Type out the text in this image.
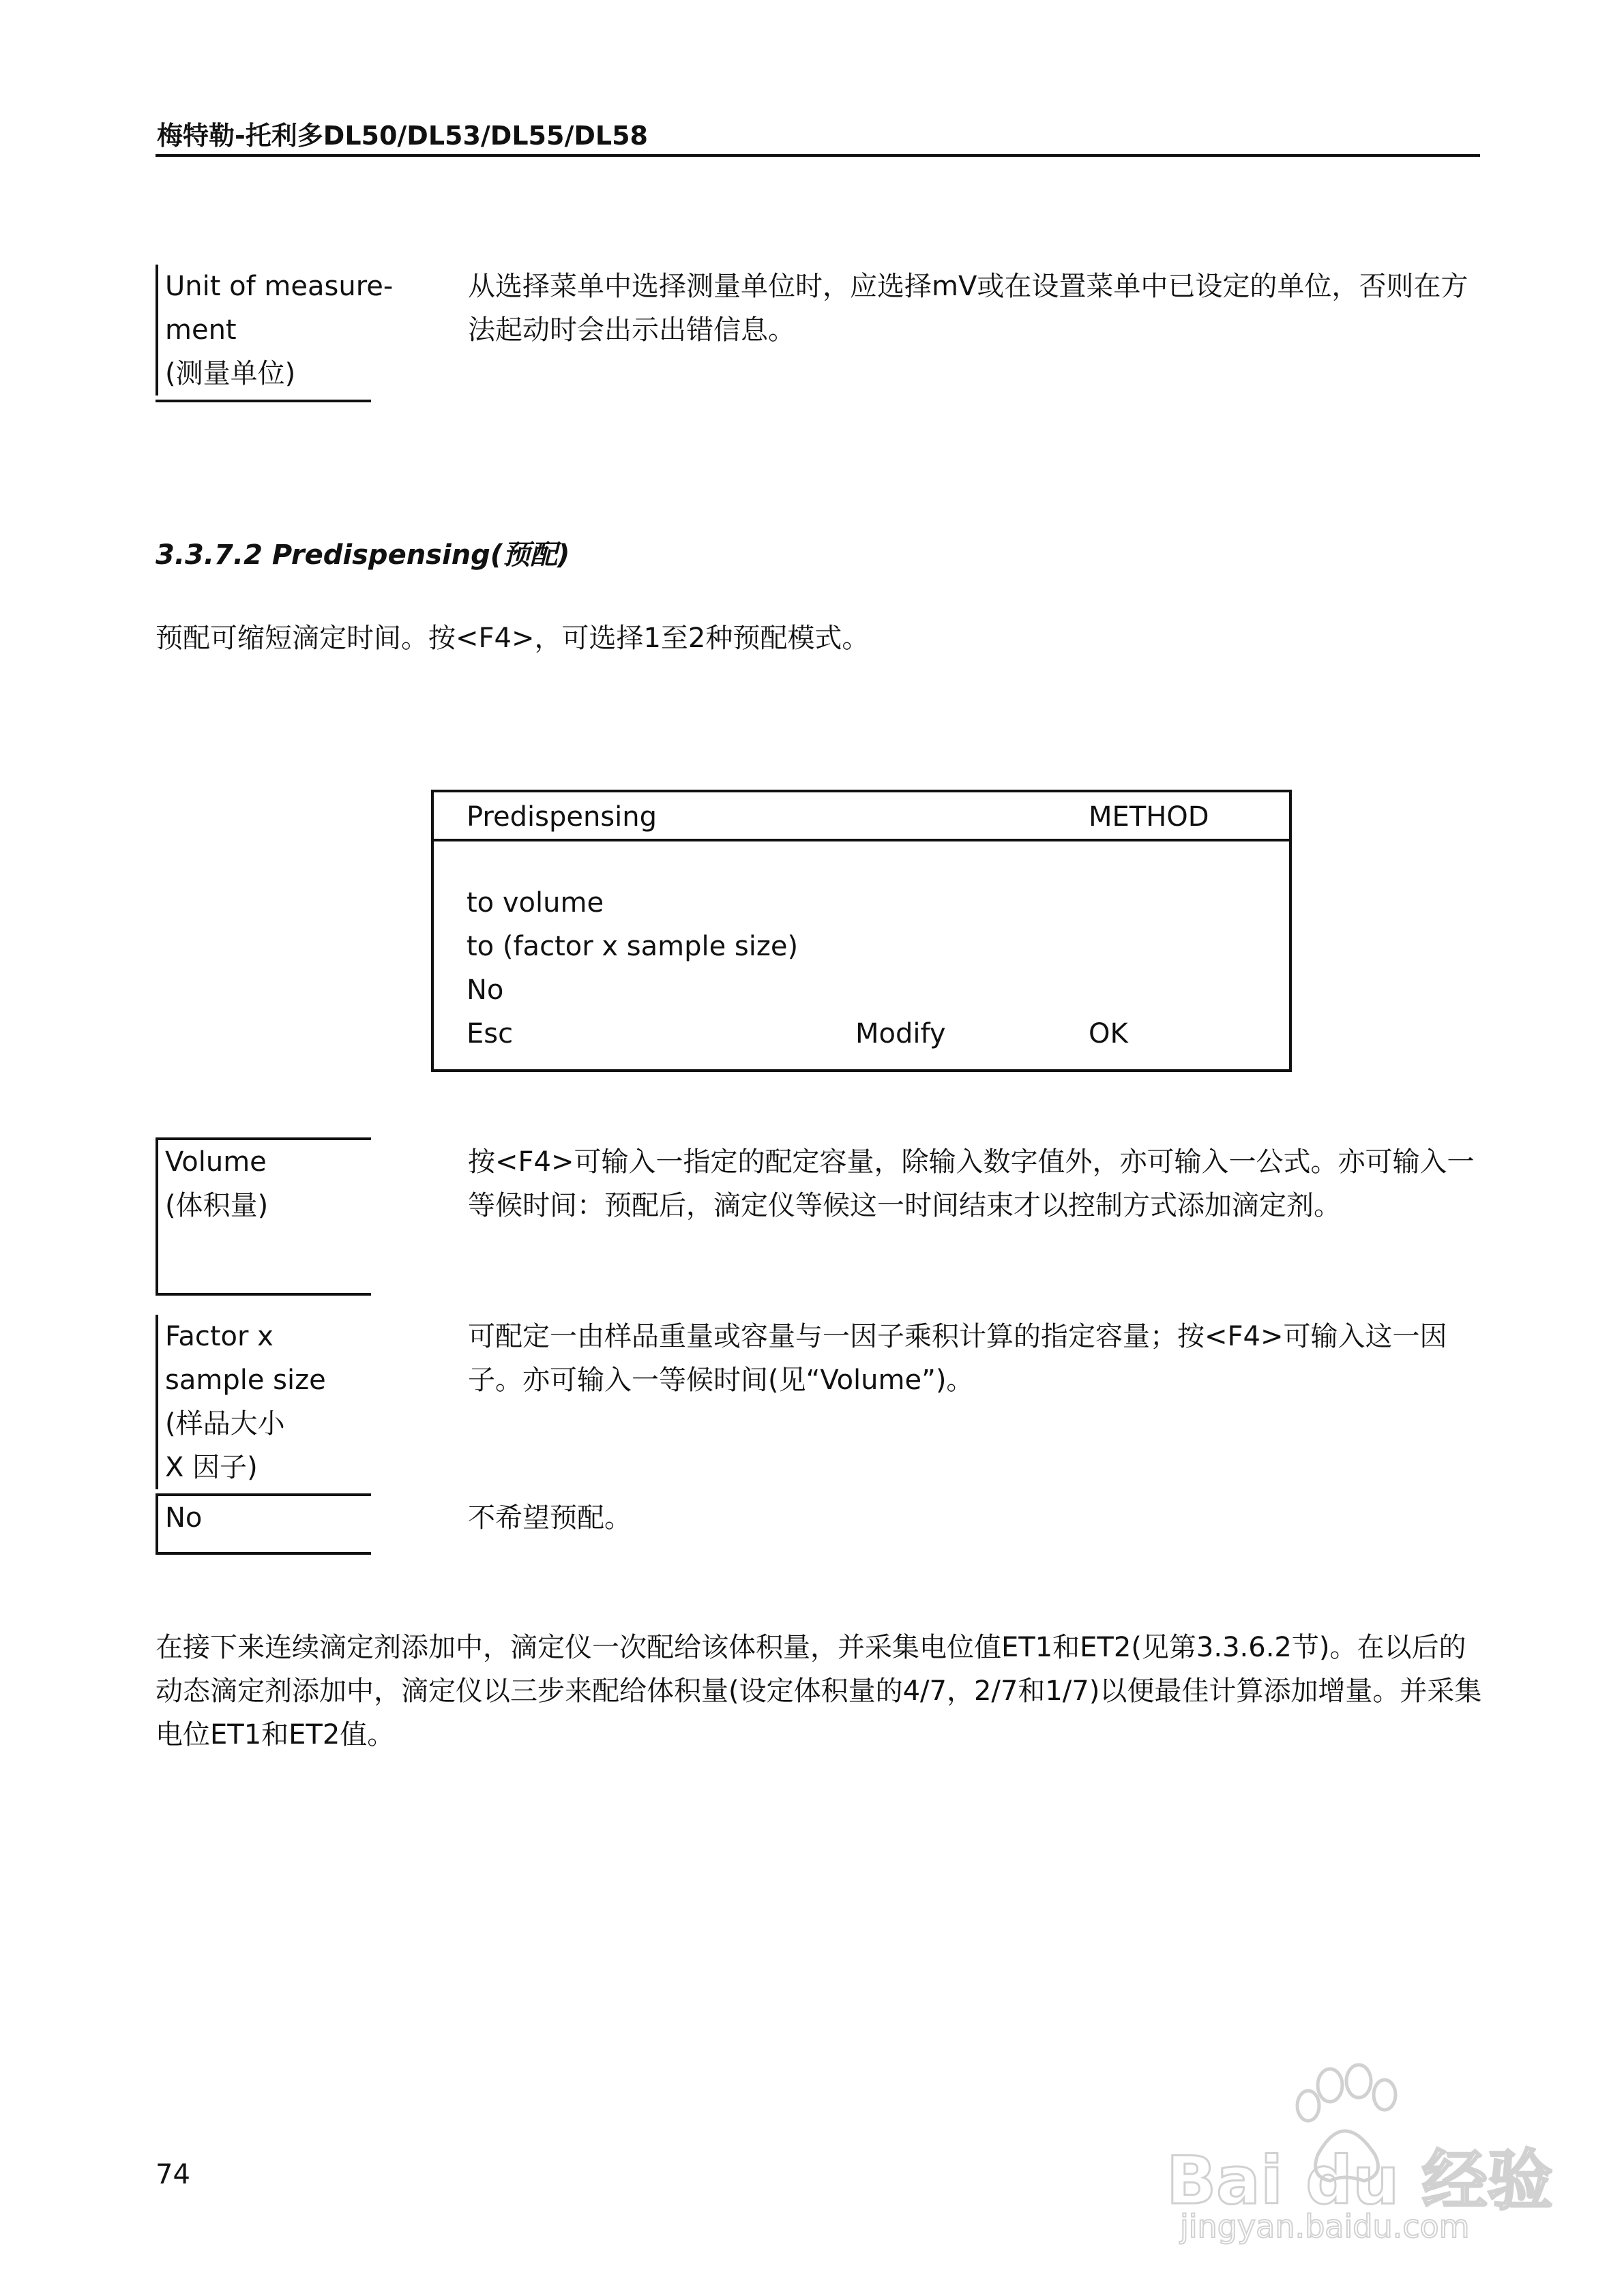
梅特勒-托利多DL50/DL53/DL55/DL58
Unit of measure-
ment
(测量单位)
从选择菜单中选择测量单位时，应选择mV或在设置菜单中已设定的单位，否则在方法起动时会出示出错信息。
3.3.7.2 Predispensing(预配)
预配可缩短滴定时间。按<F4>，可选择1至2种预配模式。
Predispensing	METHOD
to volume
to (factor x sample size)
No
Esc	Modify	OK
Volume
(体积量)
按<F4>可输入一指定的配定容量，除输入数字值外，亦可输入一公式。亦可输入一等候时间：预配后，滴定仪等候这一时间结束才以控制方式添加滴定剂。
Factor x
sample size
(样品大小
X 因子)
可配定一由样品重量或容量与一因子乘积计算的指定容量；按<F4>可输入这一因子。亦可输入一等候时间(见“Volume”)。
No	不希望预配。
在接下来连续滴定剂添加中，滴定仪一次配给该体积量，并采集电位值ET1和ET2(见第3.3.6.2节)。在以后的动态滴定剂添加中，滴定仪以三步来配给体积量(设定体积量的4/7，2/7和1/7)以便最佳计算添加增量。并采集电位ET1和ET2值。
74	Bai du 经验
jingyan.baidu.com
